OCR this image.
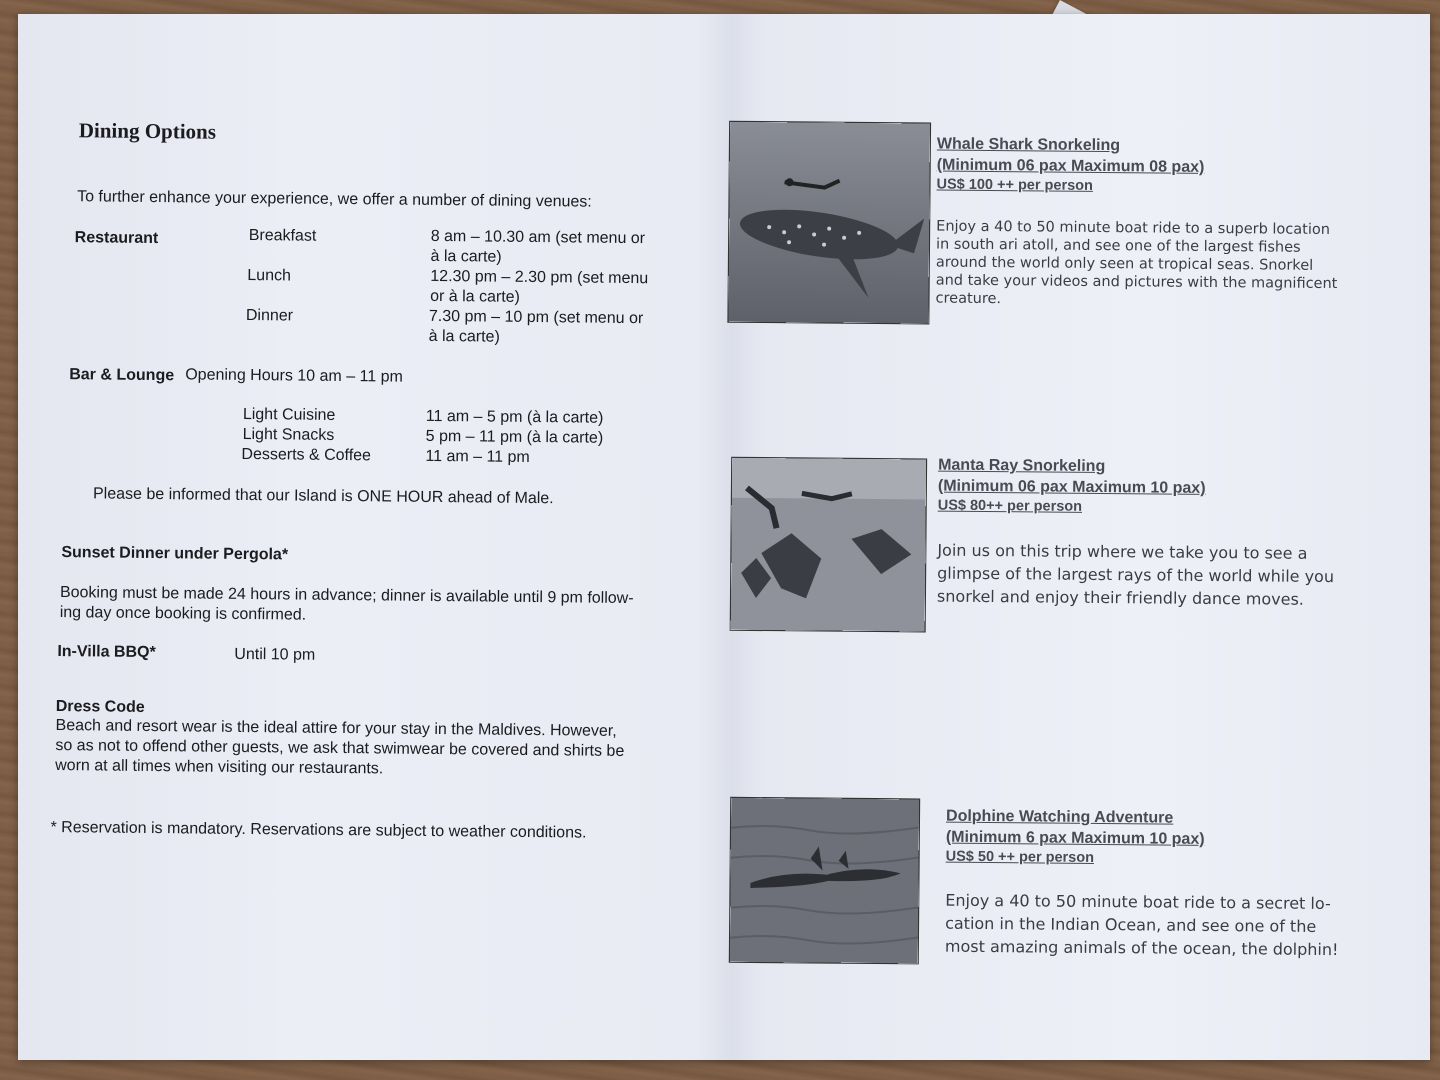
Dining Options
To further enhance your experience, we offer a number of dining venues:
Restaurant	Breakfast	8 am – 10.30 am (set menu or
à la carte)
Lunch	12.30 pm – 2.30 pm (set menu
or à la carte)
Dinner	7.30 pm – 10 pm (set menu or
à la carte)
Bar & Lounge Opening Hours 10 am – 11 pm
Light Cuisine	11 am – 5 pm (à la carte)
Light Snacks	5 pm – 11 pm (à la carte)
Desserts & Coffee	11 am – 11 pm
Please be informed that our Island is ONE HOUR ahead of Male.
Sunset Dinner under Pergola*
Booking must be made 24 hours in advance; dinner is available until 9 pm follow-
ing day once booking is confirmed.
In-Villa BBQ*	Until 10 pm
Dress Code
Beach and resort wear is the ideal attire for your stay in the Maldives. However,
so as not to offend other guests, we ask that swimwear be covered and shirts be
worn at all times when visiting our restaurants.
* Reservation is mandatory. Reservations are subject to weather conditions.
Whale Shark Snorkeling
(Minimum 06 pax Maximum 08 pax)
US$ 100 ++ per person
Enjoy a 40 to 50 minute boat ride to a superb location
in south ari atoll, and see one of the largest fishes
around the world only seen at tropical seas. Snorkel
and take your videos and pictures with the magnificent
creature.
Manta Ray Snorkeling
(Minimum 06 pax Maximum 10 pax)
US$ 80++ per person
Join us on this trip where we take you to see a
glimpse of the largest rays of the world while you
snorkel and enjoy their friendly dance moves.
Dolphine Watching Adventure
(Minimum 6 pax Maximum 10 pax)
US$ 50 ++ per person
Enjoy a 40 to 50 minute boat ride to a secret lo-
cation in the Indian Ocean, and see one of the
most amazing animals of the ocean, the dolphin!
